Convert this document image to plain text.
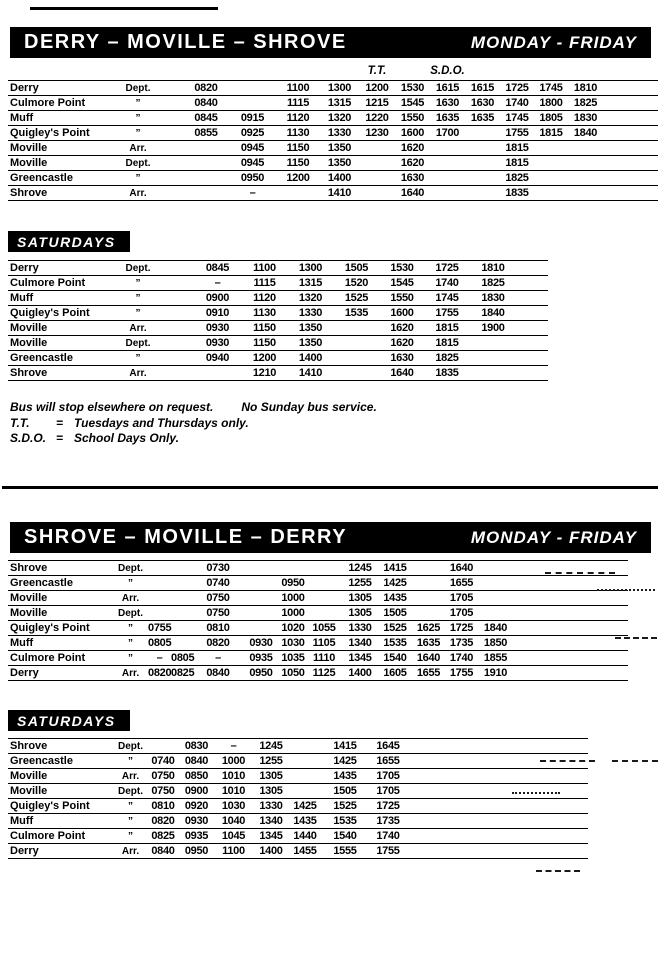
DERRY – MOVILLE – SHROVE	MONDAY - FRIDAY
							T.T.		S.D.O.					
Derry	Dept.		0820		1100	1300	1200	1530	1615	1615	1725	1745	1810	
Culmore Point	”		0840		1115	1315	1215	1545	1630	1630	1740	1800	1825	
Muff	”		0845	0915	1120	1320	1220	1550	1635	1635	1745	1805	1830	
Quigley's Point	”		0855	0925	1130	1330	1230	1600	1700		1755	1815	1840	
Moville	Arr.			0945	1150	1350		1620			1815			
Moville	Dept.			0945	1150	1350		1620			1815			
Greencastle	”			0950	1200	1400		1630			1825			
Shrove	Arr.			–		1410		1640			1835			
SATURDAYS
Derry	Dept.		0845	1100	1300	1505	1530	1725	1810	
Culmore Point	”		–	1115	1315	1520	1545	1740	1825	
Muff	”		0900	1120	1320	1525	1550	1745	1830	
Quigley's Point	”		0910	1130	1330	1535	1600	1755	1840	
Moville	Arr.		0930	1150	1350		1620	1815	1900	
Moville	Dept.		0930	1150	1350		1620	1815		
Greencastle	”		0940	1200	1400		1630	1825		
Shrove	Arr.			1210	1410		1640	1835		
Bus will stop elsewhere on request. No Sunday bus service.
T.T. = Tuesdays and Thursdays only.
S.D.O. = School Days Only.
SHROVE – MOVILLE – DERRY	MONDAY - FRIDAY
Shrove	Dept.			0730				1245	1415		1640		
Greencastle	”			0740		0950		1255	1425		1655		
Moville	Arr.			0750		1000		1305	1435		1705		
Moville	Dept.			0750		1000		1305	1505		1705		
Quigley's Point	”	0755		0810		1020	1055	1330	1525	1625	1725	1840	
Muff	”	0805		0820	0930	1030	1105	1340	1535	1635	1735	1850	
Culmore Point	”	–	0805	–	0935	1035	1110	1345	1540	1640	1740	1855	
Derry	Arr.	0820	0825	0840	0950	1050	1125	1400	1605	1655	1755	1910	
SATURDAYS
Shrove	Dept.		0830	–	1245		1415	1645	
Greencastle	”	0740	0840	1000	1255		1425	1655	
Moville	Arr.	0750	0850	1010	1305		1435	1705	
Moville	Dept.	0750	0900	1010	1305		1505	1705	
Quigley's Point	”	0810	0920	1030	1330	1425	1525	1725	
Muff	”	0820	0930	1040	1340	1435	1535	1735	
Culmore Point	”	0825	0935	1045	1345	1440	1540	1740	
Derry	Arr.	0840	0950	1100	1400	1455	1555	1755	
